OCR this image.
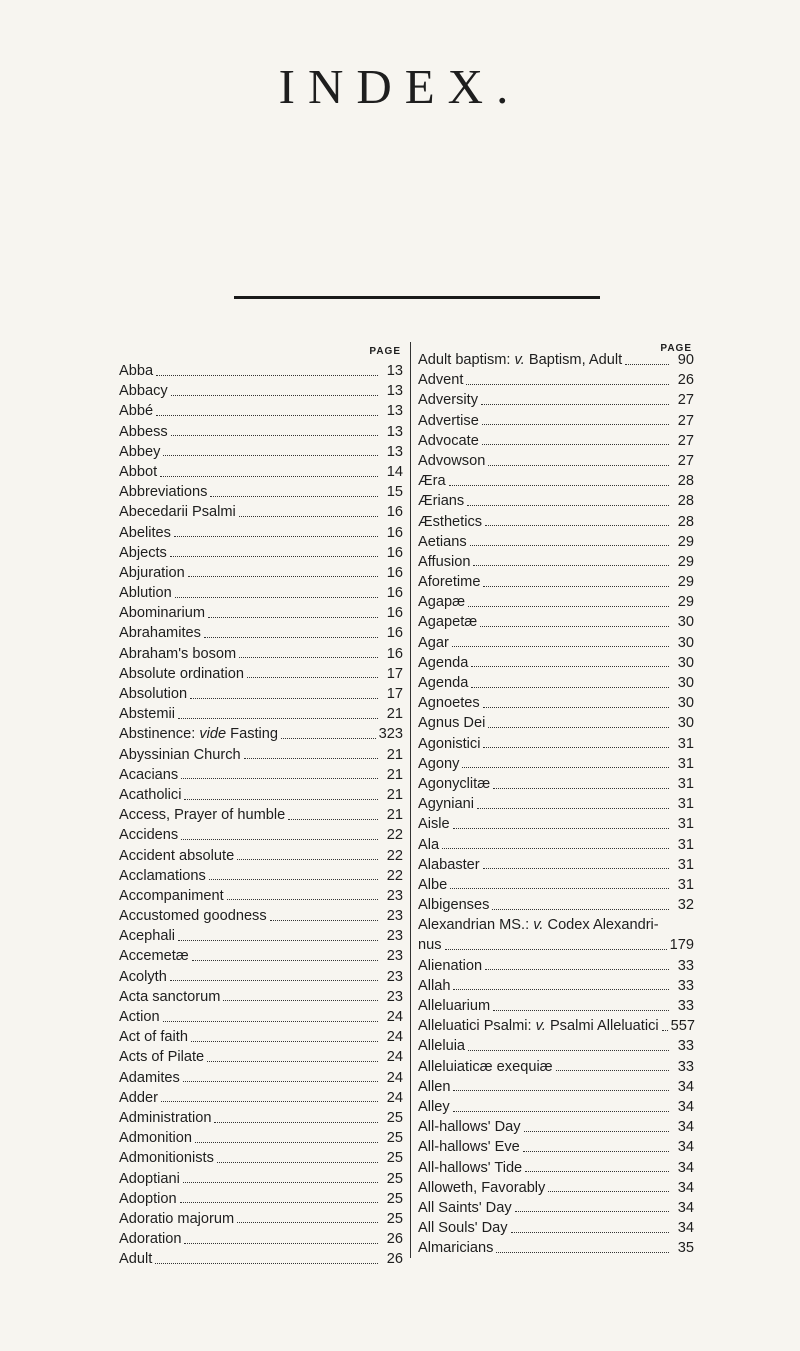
INDEX.
PAGE
Abba	13
Abbacy	13
Abbé	13
Abbess	13
Abbey	13
Abbot	14
Abbreviations	15
Abecedarii Psalmi	16
Abelites	16
Abjects	16
Abjuration	16
Ablution	16
Abominarium	16
Abrahamites	16
Abraham's bosom	16
Absolute ordination	17
Absolution	17
Abstemii	21
Abstinence: vide Fasting	323
Abyssinian Church	21
Acacians	21
Acatholici	21
Access, Prayer of humble	21
Accidens	22
Accident absolute	22
Acclamations	22
Accompaniment	23
Accustomed goodness	23
Acephali	23
Accemetæ	23
Acolyth	23
Acta sanctorum	23
Action	24
Act of faith	24
Acts of Pilate	24
Adamites	24
Adder	24
Administration	25
Admonition	25
Admonitionists	25
Adoptiani	25
Adoption	25
Adoratio majorum	25
Adoration	26
Adult	26
PAGE
Adult baptism: v. Baptism, Adult	90
Advent	26
Adversity	27
Advertise	27
Advocate	27
Advowson	27
Æra	28
Ærians	28
Æsthetics	28
Aetians	29
Affusion	29
Aforetime	29
Agapæ	29
Agapetæ	30
Agar	30
Agenda	30
Agenda	30
Agnoetes	30
Agnus Dei	30
Agonistici	31
Agony	31
Agonyclitæ	31
Agyniani	31
Aisle	31
Ala	31
Alabaster	31
Albe	31
Albigenses	32
Alexandrian MS.: v. Codex Alexandri-
nus	179
Alienation	33
Allah	33
Alleluarium	33
Alleluatici Psalmi: v. Psalmi Alleluatici 557
Alleluia	33
Alleluiaticæ exequiæ	33
Allen	34
Alley	34
All-hallows' Day	34
All-hallows' Eve	34
All-hallows' Tide	34
Alloweth, Favorably	34
All Saints' Day	34
All Souls' Day	34
Almaricians	35
